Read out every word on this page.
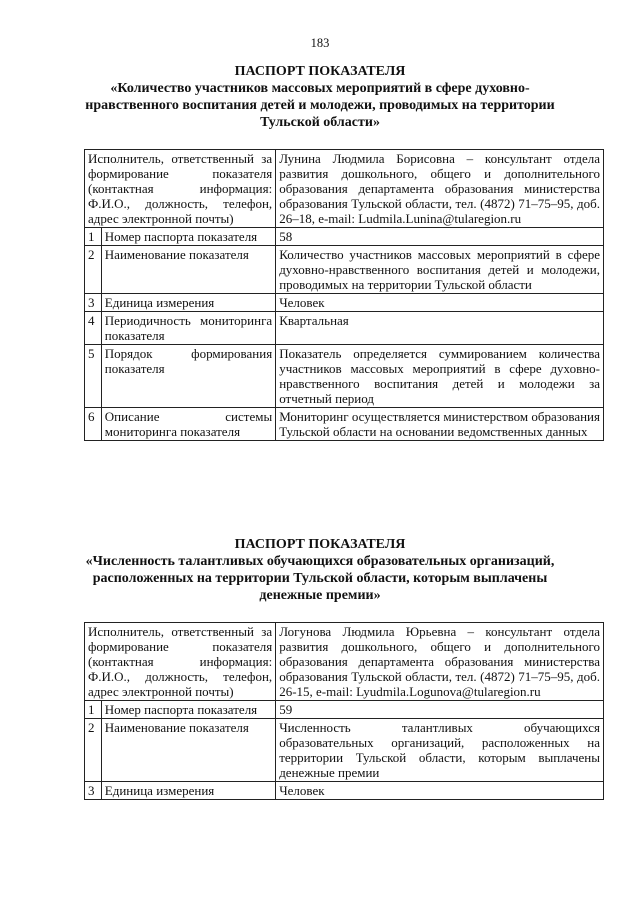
183

ПАСПОРТ ПОКАЗАТЕЛЯ

«Количество участников массовых мероприятий в сфере духовно-нравственного воспитания детей и молодежи, проводимых на территории Тульской области»

Исполнитель, ответственный за формирование показателя (контактная информация: Ф.И.О., должность, телефон, адрес электронной почты)		Лунина Людмила Борисовна – консультант отдела развития дошкольного, общего и дополнительного образования департамента образования министерства образования Тульской области, тел. (4872) 71–75–95, доб. 26–18, e-mail: Ludmila.Lunina@tularegion.ru
1	Номер паспорта показателя	58
2	Наименование показателя	Количество участников массовых мероприятий в сфере духовно-нравственного воспитания детей и молодежи, проводимых на территории Тульской области
3	Единица измерения	Человек
4	Периодичность мониторинга показателя	Квартальная
5	Порядок формирования показателя	Показатель определяется суммированием количества участников массовых мероприятий в сфере духовно-нравственного воспитания детей и молодежи за отчетный период
6	Описание системы мониторинга показателя	Мониторинг осуществляется министерством образования Тульской области на основании ведомственных данных

ПАСПОРТ ПОКАЗАТЕЛЯ

«Численность талантливых обучающихся образовательных организаций, расположенных на территории Тульской области, которым выплачены денежные премии»

Исполнитель, ответственный за формирование показателя (контактная информация: Ф.И.О., должность, телефон, адрес электронной почты)		Логунова Людмила Юрьевна – консультант отдела развития дошкольного, общего и дополнительного образования департамента образования министерства образования Тульской области, тел. (4872) 71–75–95, доб. 26-15, e-mail: Lyudmila.Logunova@tularegion.ru
1	Номер паспорта показателя	59
2	Наименование показателя	Численность талантливых обучающихся образовательных организаций, расположенных на территории Тульской области, которым выплачены денежные премии
3	Единица измерения	Человек
